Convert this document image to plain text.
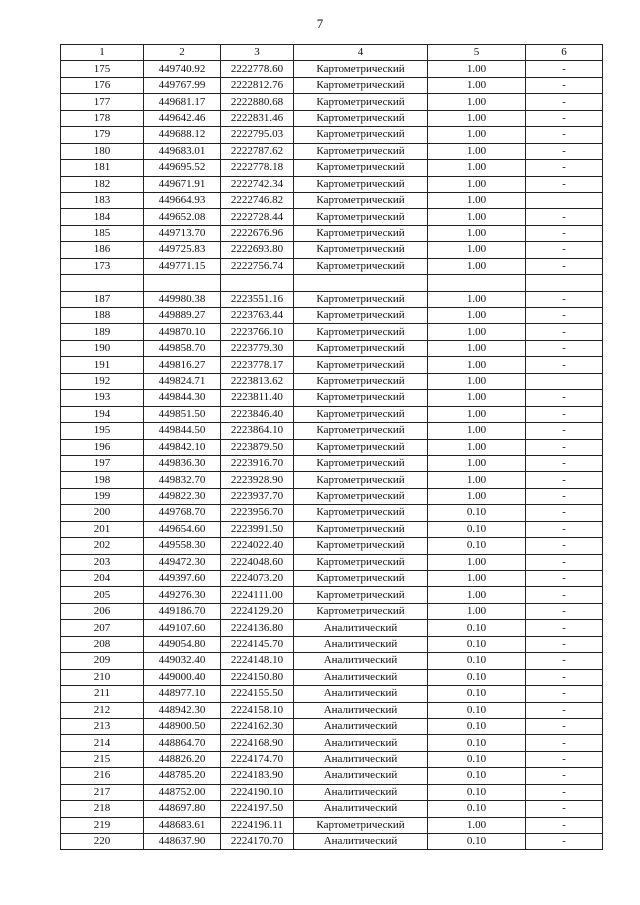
7
1	2	3	4	5	6
175	449740.92	2222778.60	Картометрический	1.00	-
176	449767.99	2222812.76	Картометрический	1.00	-
177	449681.17	2222880.68	Картометрический	1.00	-
178	449642.46	2222831.46	Картометрический	1.00	-
179	449688.12	2222795.03	Картометрический	1.00	-
180	449683.01	2222787.62	Картометрический	1.00	-
181	449695.52	2222778.18	Картометрический	1.00	-
182	449671.91	2222742.34	Картометрический	1.00	-
183	449664.93	2222746.82	Картометрический	1.00	
184	449652.08	2222728.44	Картометрический	1.00	-
185	449713.70	2222676.96	Картометрический	1.00	-
186	449725.83	2222693.80	Картометрический	1.00	-
173	449771.15	2222756.74	Картометрический	1.00	-

187	449980.38	2223551.16	Картометрический	1.00	-
188	449889.27	2223763.44	Картометрический	1.00	-
189	449870.10	2223766.10	Картометрический	1.00	-
190	449858.70	2223779.30	Картометрический	1.00	-
191	449816.27	2223778.17	Картометрический	1.00	-
192	449824.71	2223813.62	Картометрический	1.00	
193	449844.30	2223811.40	Картометрический	1.00	-
194	449851.50	2223846.40	Картометрический	1.00	-
195	449844.50	2223864.10	Картометрический	1.00	-
196	449842.10	2223879.50	Картометрический	1.00	-
197	449836.30	2223916.70	Картометрический	1.00	-
198	449832.70	2223928.90	Картометрический	1.00	-
199	449822.30	2223937.70	Картометрический	1.00	-
200	449768.70	2223956.70	Картометрический	0.10	-
201	449654.60	2223991.50	Картометрический	0.10	-
202	449558.30	2224022.40	Картометрический	0.10	-
203	449472.30	2224048.60	Картометрический	1.00	-
204	449397.60	2224073.20	Картометрический	1.00	-
205	449276.30	2224111.00	Картометрический	1.00	-
206	449186.70	2224129.20	Картометрический	1.00	-
207	449107.60	2224136.80	Аналитический	0.10	-
208	449054.80	2224145.70	Аналитический	0.10	-
209	449032.40	2224148.10	Аналитический	0.10	-
210	449000.40	2224150.80	Аналитический	0.10	-
211	448977.10	2224155.50	Аналитический	0.10	-
212	448942.30	2224158.10	Аналитический	0.10	-
213	448900.50	2224162.30	Аналитический	0.10	-
214	448864.70	2224168.90	Аналитический	0.10	-
215	448826.20	2224174.70	Аналитический	0.10	-
216	448785.20	2224183.90	Аналитический	0.10	-
217	448752.00	2224190.10	Аналитический	0.10	-
218	448697.80	2224197.50	Аналитический	0.10	-
219	448683.61	2224196.11	Картометрический	1.00	-
220	448637.90	2224170.70	Аналитический	0.10	-
